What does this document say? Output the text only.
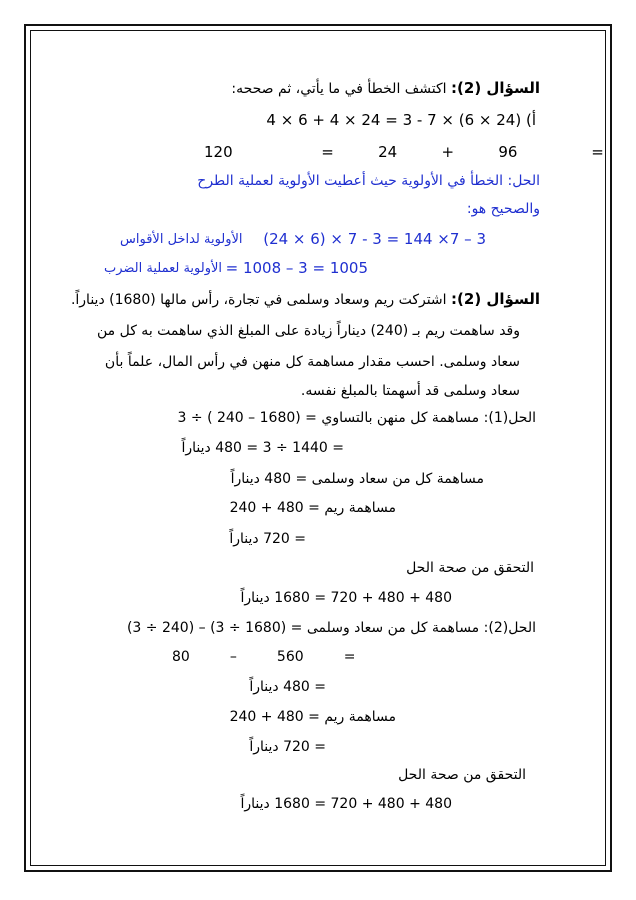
السؤال (2): اكتشف الخطأ في ما يأتي، ثم صححه:
أ) (24 × 6) × 7 - 3 = 24 × 4 + 6 × 4
120      =   24   +   96     =
الحل: الخطأ في الأولوية حيث أعطيت الأولوية لعملية الطرح
والصحيح هو:
(24 × 6) × 7 - 3 = 144 ×7 – 3
الأولوية لداخل الأقواس
= 1008 – 3 = 1005
الأولوية لعملية الضرب
السؤال (2): اشتركت ريم وسعاد وسلمى في تجارة، رأس مالها (1680) ديناراً.
وقد ساهمت ريم بـ (240) ديناراً زيادة على المبلغ الذي ساهمت به كل من
سعاد وسلمى. احسب مقدار مساهمة كل منهن في رأس المال، علماً بأن
سعاد وسلمى قد أسهمتا بالمبلغ نفسه.
الحل(1): مساهمة كل منهن بالتساوي = (1680 – 240 ) ÷ 3
= 1440 ÷ 3 = 480 ديناراً
مساهمة كل من سعاد وسلمى = 480 ديناراً
مساهمة ريم = 480 + 240
= 720 ديناراً
التحقق من صحة الحل
480 + 480 + 720 = 1680 ديناراً
الحل(2): مساهمة كل من سعاد وسلمى = (1680 ÷ 3) – (240 ÷ 3)
80         –         560         =
= 480 ديناراً
مساهمة ريم = 480 + 240
= 720 ديناراً
التحقق من صحة الحل
480 + 480 + 720 = 1680 ديناراً
